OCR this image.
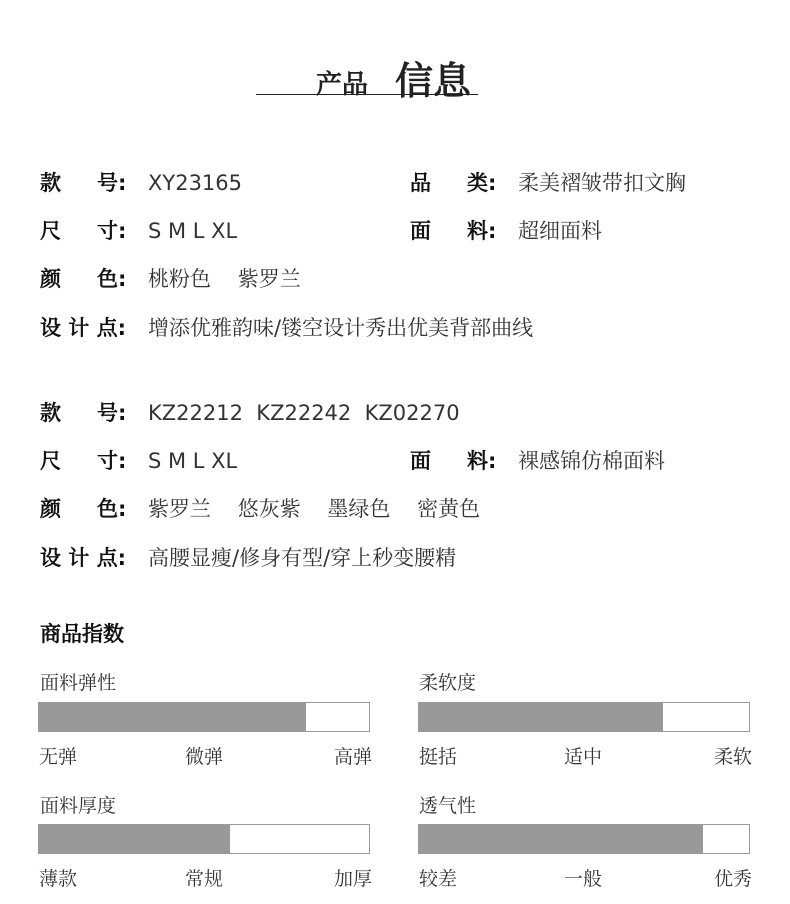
产品 信息
款 号: XY23165	品 类: 柔美褶皱带扣文胸
尺 寸: S M L XL	面 料: 超细面料
颜 色: 桃粉色    紫罗兰
设 计 点: 增添优雅韵味/镂空设计秀出优美背部曲线
款 号: KZ22212  KZ22242  KZ02270
尺 寸: S M L XL	面 料: 裸感锦仿棉面料
颜 色: 紫罗兰    悠灰紫    墨绿色    密黄色
设 计 点: 高腰显瘦/修身有型/穿上秒变腰精
商品指数
面料弹性
无弹	微弹	高弹
柔软度
挺括	适中	柔软
面料厚度
薄款	常规	加厚
透气性
较差	一般	优秀
